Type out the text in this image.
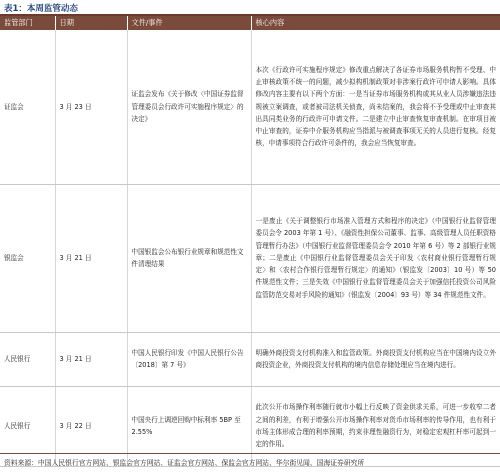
表1：本周监管动态
监管部门	日期	文件/事件	核心内容
证监会	3 月 23 日	证监会发布《关于修改〈中国证券监督管理委员会行政许可实施程序规定〉的决定》	本次《行政许可实施程序规定》修改重点解决了各证券市场服务机构暂不受理、中止审核政策不统一的问题，减少拟构机制政策对非涉案行政许可申请人影响。具体修改内容主要有以下两个方面：一是当证券市场服务机构或其从业人员涉嫌违法违规被立案调查，或者被司法机关侦查，尚未结案的，我会将不予受理或中止审查其出具同类业务的行政许可申请文件。二是建立中止审查恢复审查机制。在审项目被中止审查的，证券中介服务机构应当指派与被调查事项无关的人员进行复核。经复核，申请事项符合行政许可条件的，我会应当恢复审查。
银监会	3 月 21 日	中国银监会公布银行业规章和规范性文件清理结果	一是废止《关于调整银行市场准入管理方式和程序的决定》（中国银行业监督管理委员会令 2003 年第 1 号）、《融资性担保公司董事、监事、高级管理人员任职资格管理暂行办法》（中国银行业监督管理委员会令 2010 年第 6 号）等 2 部银行业规章；二是废止《中国银行业监督管理委员会关于印发〈农村商业银行管理暂行规定〉和〈农村合作银行管理暂行规定〉的通知》（银监发〔2003〕10 号）等 50 件规范性文件；三是失效《中国银行业监督管理委员会关于加强信托投资公司风险监管防范交易对手风险的通知》（银监发〔2004〕93 号）等 34 件规范性文件。
人民银行	3 月 21 日	中国人民银行印发《中国人民银行公告〔2018〕第 7 号》	明确外商投资支付机构准入和监管政策。外商投资支付机构应当在中国境内设立外商投资企业，外商投资支付机构的境内信息存储处理应当在境内进行。
人民银行	3 月 22 日	中国央行上调逆回购中标利率 5BP 至 2.55%	此次公开市场操作利率随行就市小幅上行反映了资金供求关系，可进一步收窄二者之间的利差，有利于增强公开市场操作利率对货币市场利率的传导作用，也有利于市场主体形成合理的利率预期，约束非理性融资行为，对稳定宏观杠杆率可起到一定的作用。
资料来源：中国人民银行官方网站、银监会官方网站、证监会官方网站、保监会官方网站、华尔街见闻、国海证券研究所
